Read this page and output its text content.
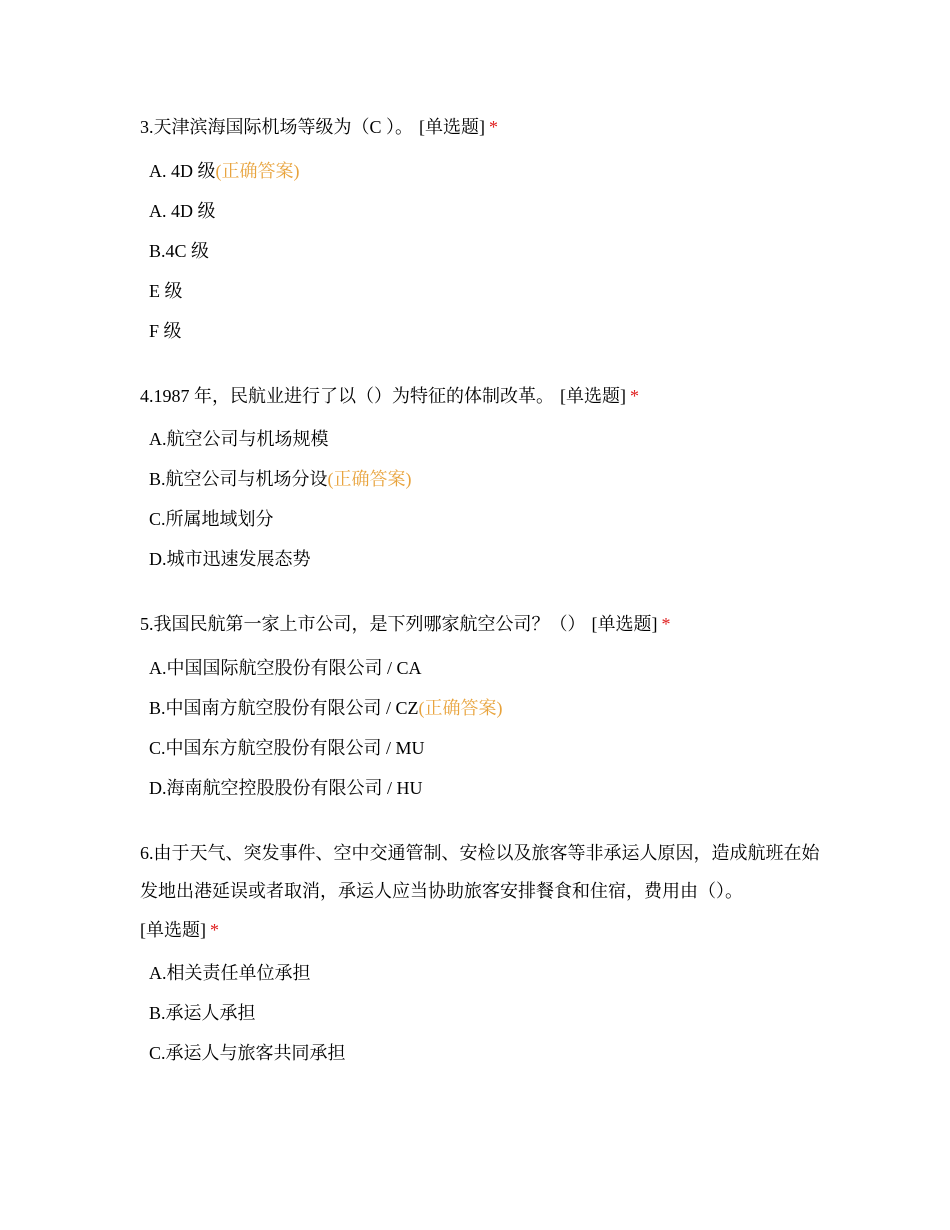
3.天津滨海国际机场等级为（C ）。 [单选题] *

A. 4D 级(正确答案)
A. 4D 级
B.4C 级
E 级
F 级

4.1987 年，民航业进行了以（）为特征的体制改革。 [单选题] *

A.航空公司与机场规模
B.航空公司与机场分设(正确答案)
C.所属地域划分
D.城市迅速发展态势

5.我国民航第一家上市公司，是下列哪家航空公司？（） [单选题] *

A.中国国际航空股份有限公司 / CA
B.中国南方航空股份有限公司 / CZ(正确答案)
C.中国东方航空股份有限公司 / MU
D.海南航空控股股份有限公司 / HU

6.由于天气、突发事件、空中交通管制、安检以及旅客等非承运人原因，造成航班在始发地出港延误或者取消，承运人应当协助旅客安排餐食和住宿，费用由（）。
[单选题] *

A.相关责任单位承担
B.承运人承担
C.承运人与旅客共同承担
